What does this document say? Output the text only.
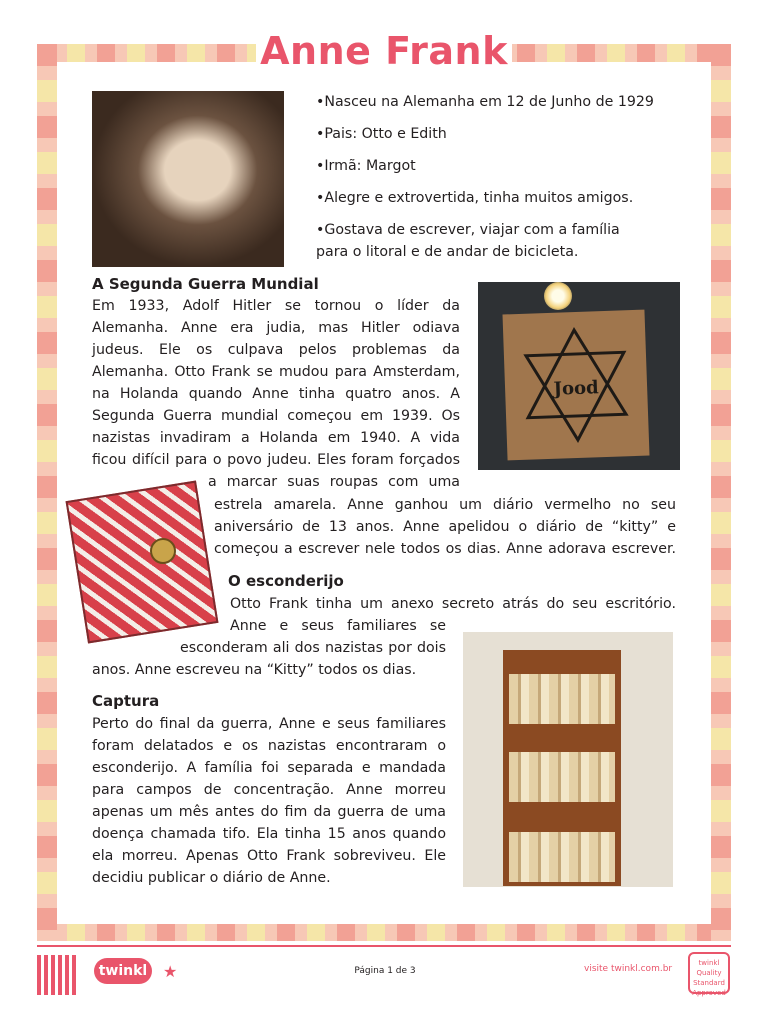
Anne Frank
•Nasceu na Alemanha em 12 de Junho de 1929
•Pais: Otto e Edith
•Irmã: Margot
•Alegre e extrovertida, tinha muitos amigos.
•Gostava de escrever, viajar com a família
para o litoral e de andar de bicicleta.
A Segunda Guerra Mundial
Em 1933, Adolf Hitler se tornou o líder da
Alemanha. Anne era judia, mas Hitler odiava
judeus. Ele os culpava pelos problemas da
Alemanha. Otto Frank se mudou para Amsterdam,
na Holanda quando Anne tinha quatro anos. A
Segunda Guerra mundial começou em 1939. Os
nazistas invadiram a Holanda em 1940. A vida
ficou difícil para o povo judeu. Eles foram forçados
a marcar suas roupas com uma
estrela amarela. Anne ganhou um diário vermelho no seu
aniversário de 13 anos. Anne apelidou o diário de “kitty” e
começou a escrever nele todos os dias. Anne adorava escrever.
Jood
O esconderijo
Otto Frank tinha um anexo secreto atrás do seu escritório.
Anne e seus familiares se
esconderam ali dos nazistas por dois
anos. Anne escreveu na “Kitty” todos os dias.
Captura
Perto do final da guerra, Anne e seus familiares
foram delatados e os nazistas encontraram o
esconderijo. A família foi separada e mandada
para campos de concentração. Anne morreu
apenas um mês antes do fim da guerra de uma
doença chamada tifo. Ela tinha 15 anos quando
ela morreu. Apenas Otto Frank sobreviveu. Ele
decidiu publicar o diário de Anne.
twinkl ★	Página 1 de 3	visite twinkl.com.br
twinkl Quality Standard Approved
